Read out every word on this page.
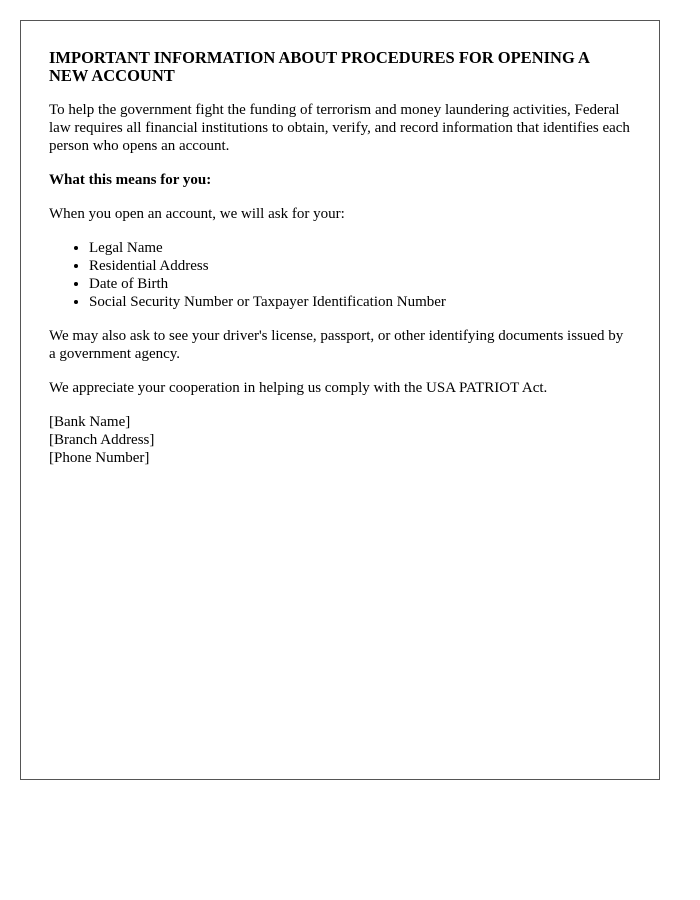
IMPORTANT INFORMATION ABOUT PROCEDURES FOR OPENING A NEW ACCOUNT

To help the government fight the funding of terrorism and money laundering activities, Federal law requires all financial institutions to obtain, verify, and record information that identifies each person who opens an account.

What this means for you:

When you open an account, we will ask for your:

• Legal Name
• Residential Address
• Date of Birth
• Social Security Number or Taxpayer Identification Number

We may also ask to see your driver's license, passport, or other identifying documents issued by a government agency.

We appreciate your cooperation in helping us comply with the USA PATRIOT Act.

[Bank Name]

[Branch Address]

[Phone Number]
